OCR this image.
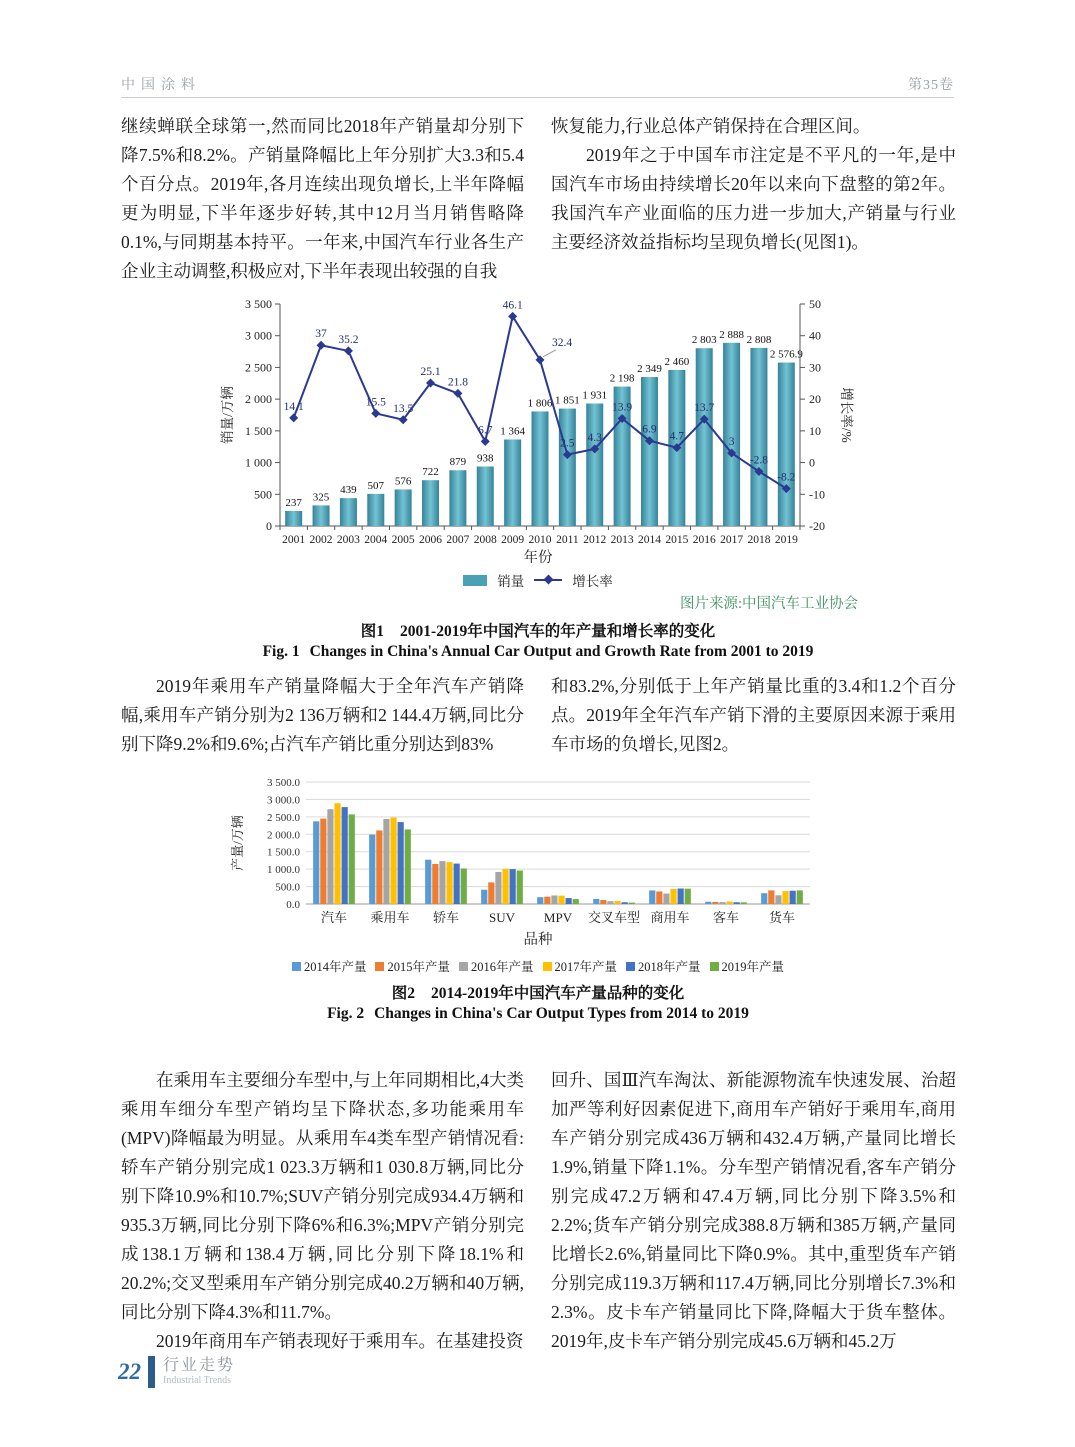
中国涂料	第35卷

继续蝉联全球第一,然而同比2018年产销量却分别下降7.5%和8.2%。产销量降幅比上年分别扩大3.3和5.4个百分点。2019年,各月连续出现负增长,上半年降幅更为明显,下半年逐步好转,其中12月当月销售略降0.1%,与同期基本持平。一年来,中国汽车行业各生产企业主动调整,积极应对,下半年表现出较强的自我

恢复能力,行业总体产销保持在合理区间。

2019年之于中国车市注定是不平凡的一年,是中国汽车市场由持续增长20年以来向下盘整的第2年。我国汽车产业面临的压力进一步加大,产销量与行业主要经济效益指标均呈现负增长(见图1)。

0
500
1 000
1 500
2 000
2 500
3 000
3 500
-20
-10
0
10
20
30
40
50
销量/万辆	增长率/%
237 325
439 507 576
722
879 938
1 364
1 806 1 851 1 931
2 198
2 349
2 460
2 803 2 888 2 808
2 576.9
2001 2002 2003 2004 2005 2006 2007 2008 2009 2010 2011 2012 2013 2014 2015 2016 2017 2018 2019
14.1
37 35.2
15.5
13.5
25.1
21.8
6.7
46.1
32.4
2.5 4.3
13.9
6.9
4.7
13.7
3
-2.8
-8.2
年份
销量	增长率
图片来源:中国汽车工业协会
图1 2001-2019年中国汽车的年产量和增长率的变化
Fig. 1 Changes in China's Annual Car Output and Growth Rate from 2001 to 2019

2019年乘用车产销量降幅大于全年汽车产销降幅,乘用车产销分别为2 136万辆和2 144.4万辆,同比分别下降9.2%和9.6%;占汽车产销比重分别达到83%

和83.2%,分别低于上年产销量比重的3.4和1.2个百分点。2019年全年汽车产销下滑的主要原因来源于乘用车市场的负增长,见图2。

0.0
500.0
1 000.0
1 500.0
2 000.0
2 500.0
3 000.0
3 500.0
产量/万辆
汽车 乘用车 轿车 SUV MPV 交叉车型 商用车 客车 货车
品种
2014年产量 2015年产量 2016年产量 2017年产量 2018年产量 2019年产量
图2 2014-2019年中国汽车产量品种的变化
Fig. 2 Changes in China's Car Output Types from 2014 to 2019

在乘用车主要细分车型中,与上年同期相比,4大类乘用车细分车型产销均呈下降状态,多功能乘用车(MPV)降幅最为明显。从乘用车4类车型产销情况看:轿车产销分别完成1 023.3万辆和1 030.8万辆,同比分别下降10.9%和10.7%;SUV产销分别完成934.4万辆和935.3万辆,同比分别下降6%和6.3%;MPV产销分别完成138.1万辆和138.4万辆,同比分别下降18.1%和20.2%;交叉型乘用车产销分别完成40.2万辆和40万辆,同比分别下降4.3%和11.7%。

2019年商用车产销表现好于乘用车。在基建投资

回升、国Ⅲ汽车淘汰、新能源物流车快速发展、治超加严等利好因素促进下,商用车产销好于乘用车,商用车产销分别完成436万辆和432.4万辆,产量同比增长1.9%,销量下降1.1%。分车型产销情况看,客车产销分别完成47.2万辆和47.4万辆,同比分别下降3.5%和2.2%;货车产销分别完成388.8万辆和385万辆,产量同比增长2.6%,销量同比下降0.9%。其中,重型货车产销分别完成119.3万辆和117.4万辆,同比分别增长7.3%和2.3%。皮卡车产销量同比下降,降幅大于货车整体。2019年,皮卡车产销分别完成45.6万辆和45.2万

22 行业走势
Industrial Trends
